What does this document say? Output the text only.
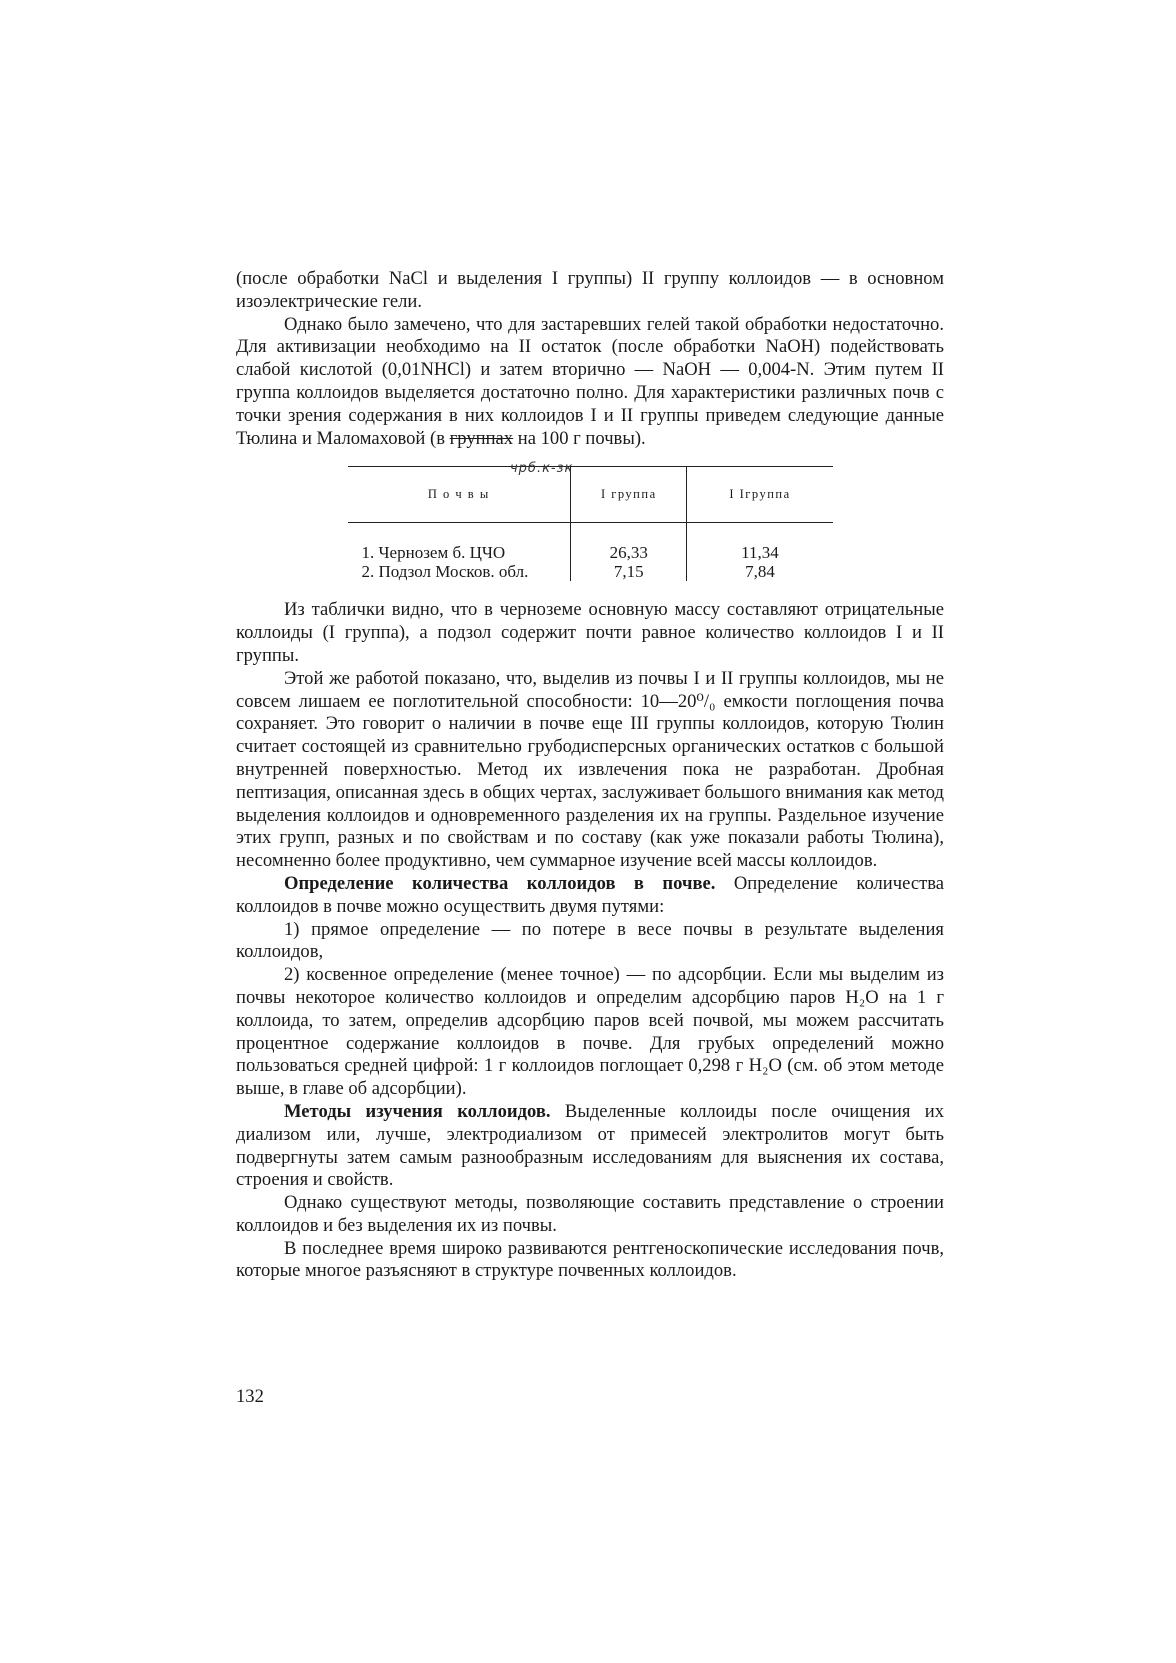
(после обработки NaCl и выделения I группы) II группу коллоидов — в основном изоэлектрические гели.

Однако было замечено, что для застаревших гелей такой обработки недостаточно. Для активизации необходимо на II остаток (после обработки NaOH) подействовать слабой кислотой (0,01NHCl) и затем вторично — NaOH — 0,004-N. Этим путем II группа коллоидов выделяется достаточно полно. Для характеристики различных почв с точки зрения содержания в них коллоидов I и II группы приведем следующие данные Тюлина и Маломаховой (в группах на 100 г почвы).

П о ч в ы	I группа	I Iгруппа
1. Чернозем б. ЦЧО	26,33	11,34
2. Подзол Москов. обл.	7,15	7,84

Из таблички видно, что в черноземе основную массу составляют отрицательные коллоиды (I группа), а подзол содержит почти равное количество коллоидов I и II группы.

Этой же работой показано, что, выделив из почвы I и II группы коллоидов, мы не совсем лишаем ее поглотительной способности: 10—20⁰/₀ емкости поглощения почва сохраняет. Это говорит о наличии в почве еще III группы коллоидов, которую Тюлин считает состоящей из сравнительно грубодисперсных органических остатков с большой внутренней поверхностью. Метод их извлечения пока не разработан. Дробная пептизация, описанная здесь в общих чертах, заслуживает большого внимания как метод выделения коллоидов и одновременного разделения их на группы. Раздельное изучение этих групп, разных и по свойствам и по составу (как уже показали работы Тюлина), несомненно более продуктивно, чем суммарное изучение всей массы коллоидов.

Определение количества коллоидов в почве. Определение количества коллоидов в почве можно осуществить двумя путями:

1) прямое определение — по потере в весе почвы в результате выделения коллоидов,

2) косвенное определение (менее точное) — по адсорбции. Если мы выделим из почвы некоторое количество коллоидов и определим адсорбцию паров H₂O на 1 г коллоида, то затем, определив адсорбцию паров всей почвой, мы можем рассчитать процентное содержание коллоидов в почве. Для грубых определений можно пользоваться средней цифрой: 1 г коллоидов поглощает 0,298 г H₂O (см. об этом методе выше, в главе об адсорбции).

Методы изучения коллоидов. Выделенные коллоиды после очищения их диализом или, лучше, электродиализом от примесей электролитов могут быть подвергнуты затем самым разнообразным исследованиям для выяснения их состава, строения и свойств.

Однако существуют методы, позволяющие составить представление о строении коллоидов и без выделения их из почвы.

В последнее время широко развиваются рентгеноскопические исследования почв, которые многое разъясняют в структуре почвенных коллоидов.

чрб.к-зк
132
